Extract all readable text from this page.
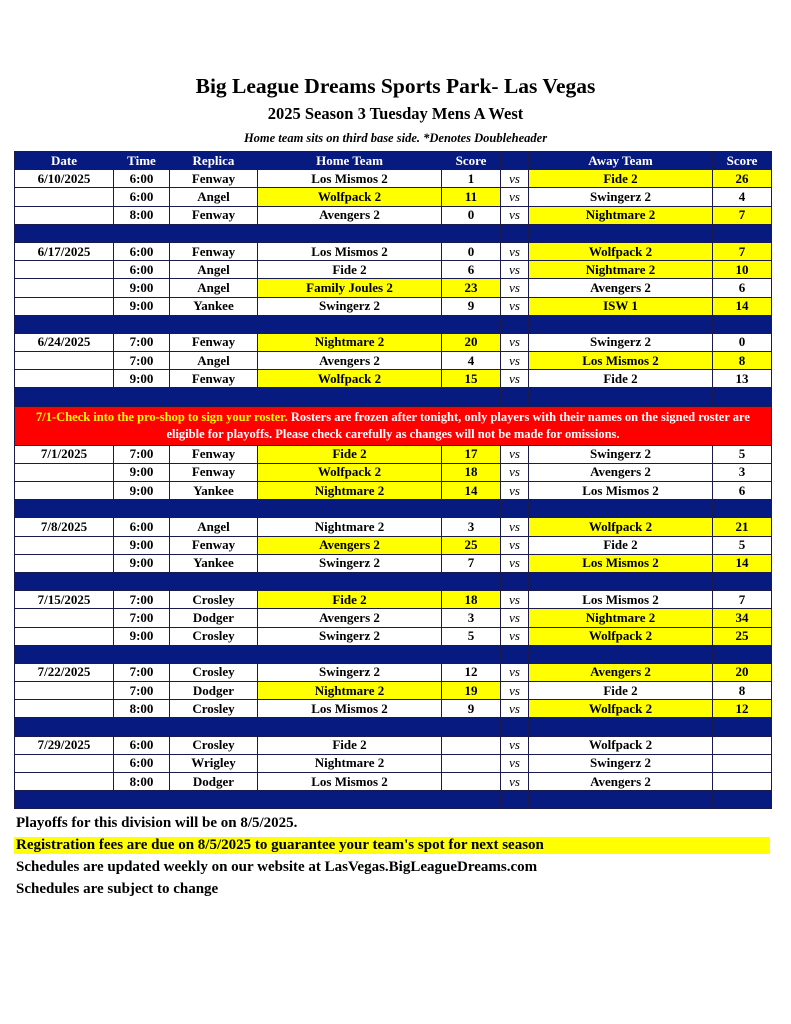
Big League Dreams Sports Park- Las Vegas
2025 Season 3 Tuesday Mens A West
Home team sits on third base side. *Denotes Doubleheader
Date	Time	Replica	Home Team	Score		Away Team	Score
6/10/2025	6:00	Fenway	Los Mismos 2	1	vs	Fide 2	26
	6:00	Angel	Wolfpack 2	11	vs	Swingerz 2	4
	8:00	Fenway	Avengers 2	0	vs	Nightmare 2	7

6/17/2025	6:00	Fenway	Los Mismos 2	0	vs	Wolfpack 2	7
	6:00	Angel	Fide 2	6	vs	Nightmare 2	10
	9:00	Angel	Family Joules 2	23	vs	Avengers 2	6
	9:00	Yankee	Swingerz 2	9	vs	ISW 1	14

6/24/2025	7:00	Fenway	Nightmare 2	20	vs	Swingerz 2	0
	7:00	Angel	Avengers 2	4	vs	Los Mismos 2	8
	9:00	Fenway	Wolfpack 2	15	vs	Fide 2	13

7/1-Check into the pro-shop to sign your roster. Rosters are frozen after tonight, only players with their names on the signed roster are eligible for playoffs. Please check carefully as changes will not be made for omissions.							
7/1/2025	7:00	Fenway	Fide 2	17	vs	Swingerz 2	5
	9:00	Fenway	Wolfpack 2	18	vs	Avengers 2	3
	9:00	Yankee	Nightmare 2	14	vs	Los Mismos 2	6

7/8/2025	6:00	Angel	Nightmare 2	3	vs	Wolfpack 2	21
	9:00	Fenway	Avengers 2	25	vs	Fide 2	5
	9:00	Yankee	Swingerz 2	7	vs	Los Mismos 2	14

7/15/2025	7:00	Crosley	Fide 2	18	vs	Los Mismos 2	7
	7:00	Dodger	Avengers 2	3	vs	Nightmare 2	34
	9:00	Crosley	Swingerz 2	5	vs	Wolfpack 2	25

7/22/2025	7:00	Crosley	Swingerz 2	12	vs	Avengers 2	20
	7:00	Dodger	Nightmare 2	19	vs	Fide 2	8
	8:00	Crosley	Los Mismos 2	9	vs	Wolfpack 2	12

7/29/2025	6:00	Crosley	Fide 2		vs	Wolfpack 2	
	6:00	Wrigley	Nightmare 2		vs	Swingerz 2	
	8:00	Dodger	Los Mismos 2		vs	Avengers 2	

Playoffs for this division will be on 8/5/2025.
Registration fees are due on 8/5/2025 to guarantee your team's spot for next season
Schedules are updated weekly on our website at LasVegas.BigLeagueDreams.com
Schedules are subject to change
